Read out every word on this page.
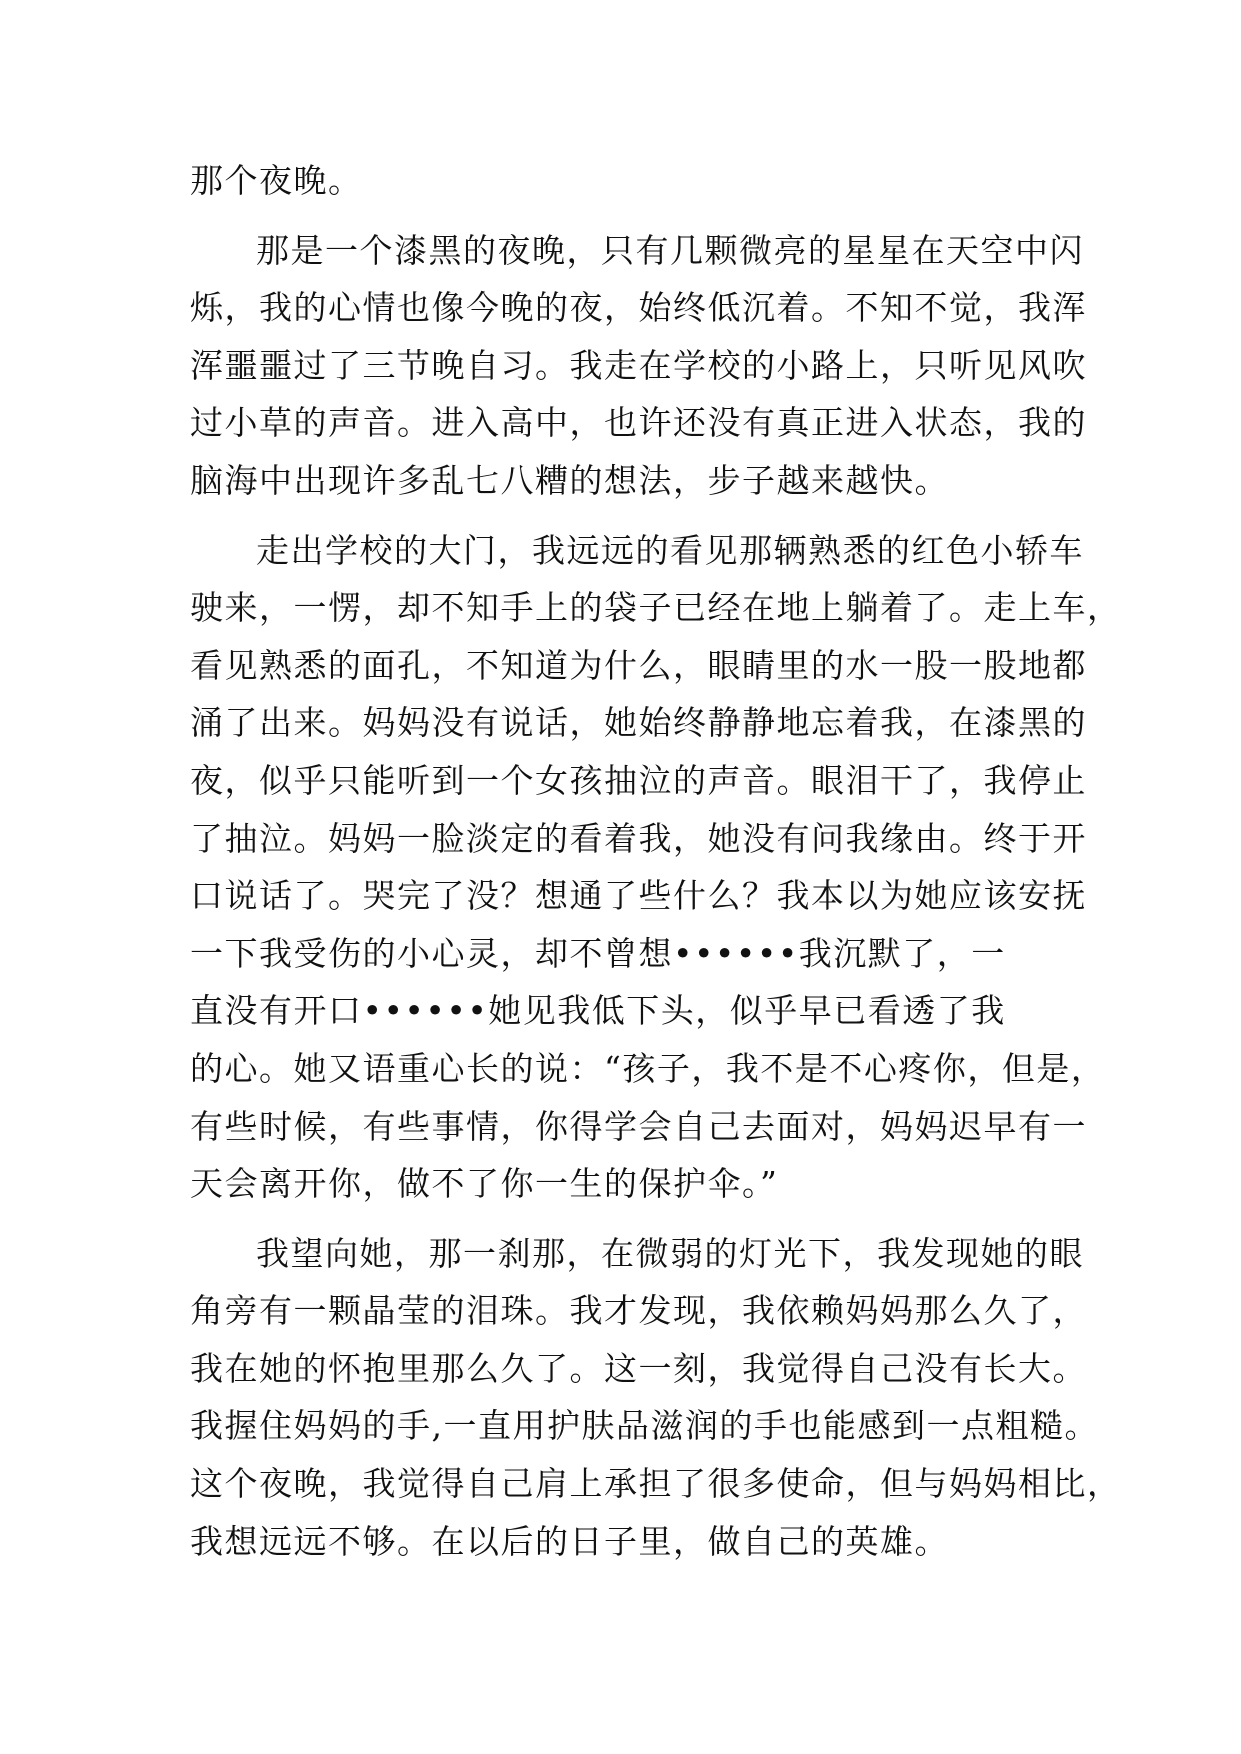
那个夜晚。
那是一个漆黑的夜晚，只有几颗微亮的星星在天空中闪
烁，我的心情也像今晚的夜，始终低沉着。不知不觉，我浑
浑噩噩过了三节晚自习。我走在学校的小路上，只听见风吹
过小草的声音。进入高中，也许还没有真正进入状态，我的
脑海中出现许多乱七八糟的想法，步子越来越快。
走出学校的大门，我远远的看见那辆熟悉的红色小轿车
驶来，一愣，却不知手上的袋子已经在地上躺着了。走上车，
看见熟悉的面孔，不知道为什么，眼睛里的水一股一股地都
涌了出来。妈妈没有说话，她始终静静地忘着我，在漆黑的
夜，似乎只能听到一个女孩抽泣的声音。眼泪干了，我停止
了抽泣。妈妈一脸淡定的看着我，她没有问我缘由。终于开
口说话了。哭完了没？想通了些什么？我本以为她应该安抚
一下我受伤的小心灵，却不曾想••••••我沉默了，一
直没有开口••••••她见我低下头，似乎早已看透了我
的心。她又语重心长的说：“孩子，我不是不心疼你，但是，
有些时候，有些事情，你得学会自己去面对，妈妈迟早有一
天会离开你，做不了你一生的保护伞。”
我望向她，那一刹那，在微弱的灯光下，我发现她的眼
角旁有一颗晶莹的泪珠。我才发现，我依赖妈妈那么久了，
我在她的怀抱里那么久了。这一刻，我觉得自己没有长大。
我握住妈妈的手,一直用护肤品滋润的手也能感到一点粗糙。
这个夜晚，我觉得自己肩上承担了很多使命，但与妈妈相比，
我想远远不够。在以后的日子里，做自己的英雄。
